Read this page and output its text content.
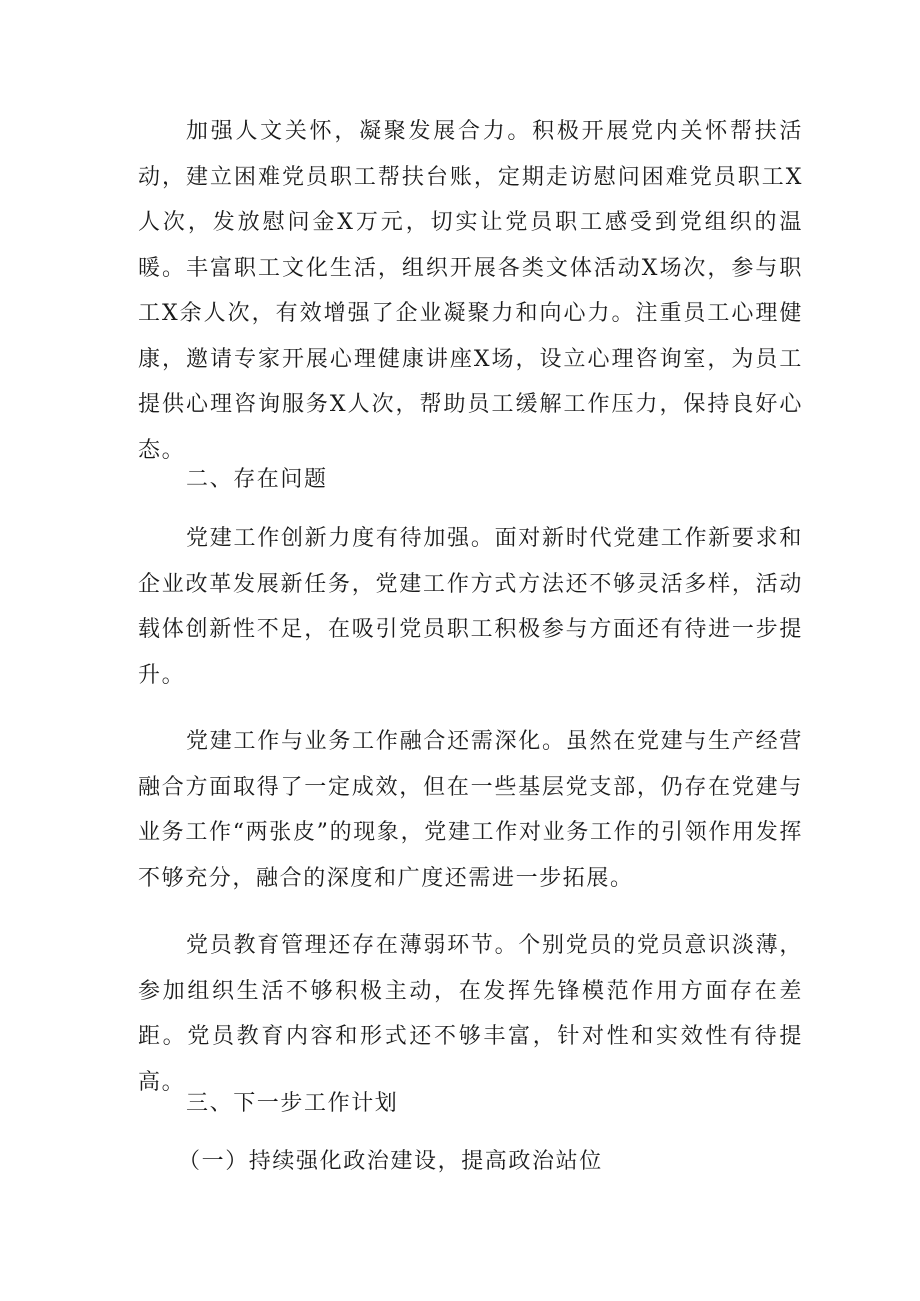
加强人文关怀，凝聚发展合力。积极开展党内关怀帮扶活动，建立困难党员职工帮扶台账，定期走访慰问困难党员职工X人次，发放慰问金X万元，切实让党员职工感受到党组织的温暖。丰富职工文化生活，组织开展各类文体活动X场次，参与职工X余人次，有效增强了企业凝聚力和向心力。注重员工心理健康，邀请专家开展心理健康讲座X场，设立心理咨询室，为员工提供心理咨询服务X人次，帮助员工缓解工作压力，保持良好心态。

二、存在问题

党建工作创新力度有待加强。面对新时代党建工作新要求和企业改革发展新任务，党建工作方式方法还不够灵活多样，活动载体创新性不足，在吸引党员职工积极参与方面还有待进一步提升。

党建工作与业务工作融合还需深化。虽然在党建与生产经营融合方面取得了一定成效，但在一些基层党支部，仍存在党建与业务工作“两张皮”的现象，党建工作对业务工作的引领作用发挥不够充分，融合的深度和广度还需进一步拓展。

党员教育管理还存在薄弱环节。个别党员的党员意识淡薄，参加组织生活不够积极主动，在发挥先锋模范作用方面存在差距。党员教育内容和形式还不够丰富，针对性和实效性有待提高。

三、下一步工作计划

（一）持续强化政治建设，提高政治站位
